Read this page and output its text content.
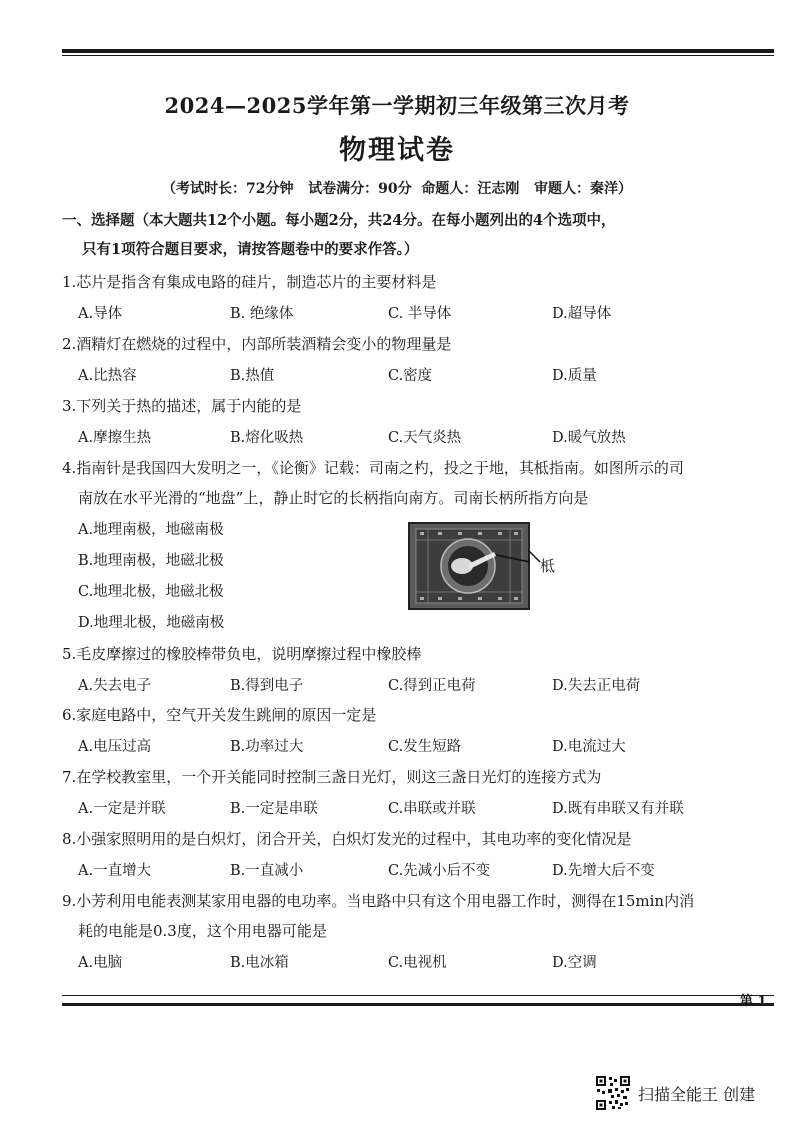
2024—2025学年第一学期初三年级第三次月考
物理试卷
（考试时长：72分钟   试卷满分：90分  命题人：汪志刚   审题人：秦洋）
一、选择题（本大题共12个小题。每小题2分，共24分。在每小题列出的4个选项中，
只有1项符合题目要求，请按答题卷中的要求作答。）
1.芯片是指含有集成电路的硅片，制造芯片的主要材料是
A.导体	B. 绝缘体	C. 半导体	D.超导体
2.酒精灯在燃烧的过程中，内部所装酒精会变小的物理量是
A.比热容	B.热值	C.密度	D.质量
3.下列关于热的描述，属于内能的是
A.摩擦生热	B.熔化吸热	C.天气炎热	D.暖气放热
4.指南针是我国四大发明之一，《论衡》记载：司南之杓，投之于地，其柢指南。如图所示的司
南放在水平光滑的“地盘”上，静止时它的长柄指向南方。司南长柄所指方向是
A.地理南极，地磁南极
B.地理南极，地磁北极
C.地理北极，地磁北极
D.地理北极，地磁南极
柢
5.毛皮摩擦过的橡胶棒带负电，说明摩擦过程中橡胶棒
A.失去电子	B.得到电子	C.得到正电荷	D.失去正电荷
6.家庭电路中，空气开关发生跳闸的原因一定是
A.电压过高	B.功率过大	C.发生短路	D.电流过大
7.在学校教室里，一个开关能同时控制三盏日光灯，则这三盏日光灯的连接方式为
A.一定是并联	B.一定是串联	C.串联或并联	D.既有串联又有并联
8.小强家照明用的是白炽灯，闭合开关，白炽灯发光的过程中，其电功率的变化情况是
A.一直增大	B.一直减小	C.先减小后不变	D.先增大后不变
9.小芳利用电能表测某家用电器的电功率。当电路中只有这个用电器工作时，测得在15min内消
耗的电能是0.3度，这个用电器可能是
A.电脑	B.电冰箱	C.电视机	D.空调
第 1
扫描全能王 创建
